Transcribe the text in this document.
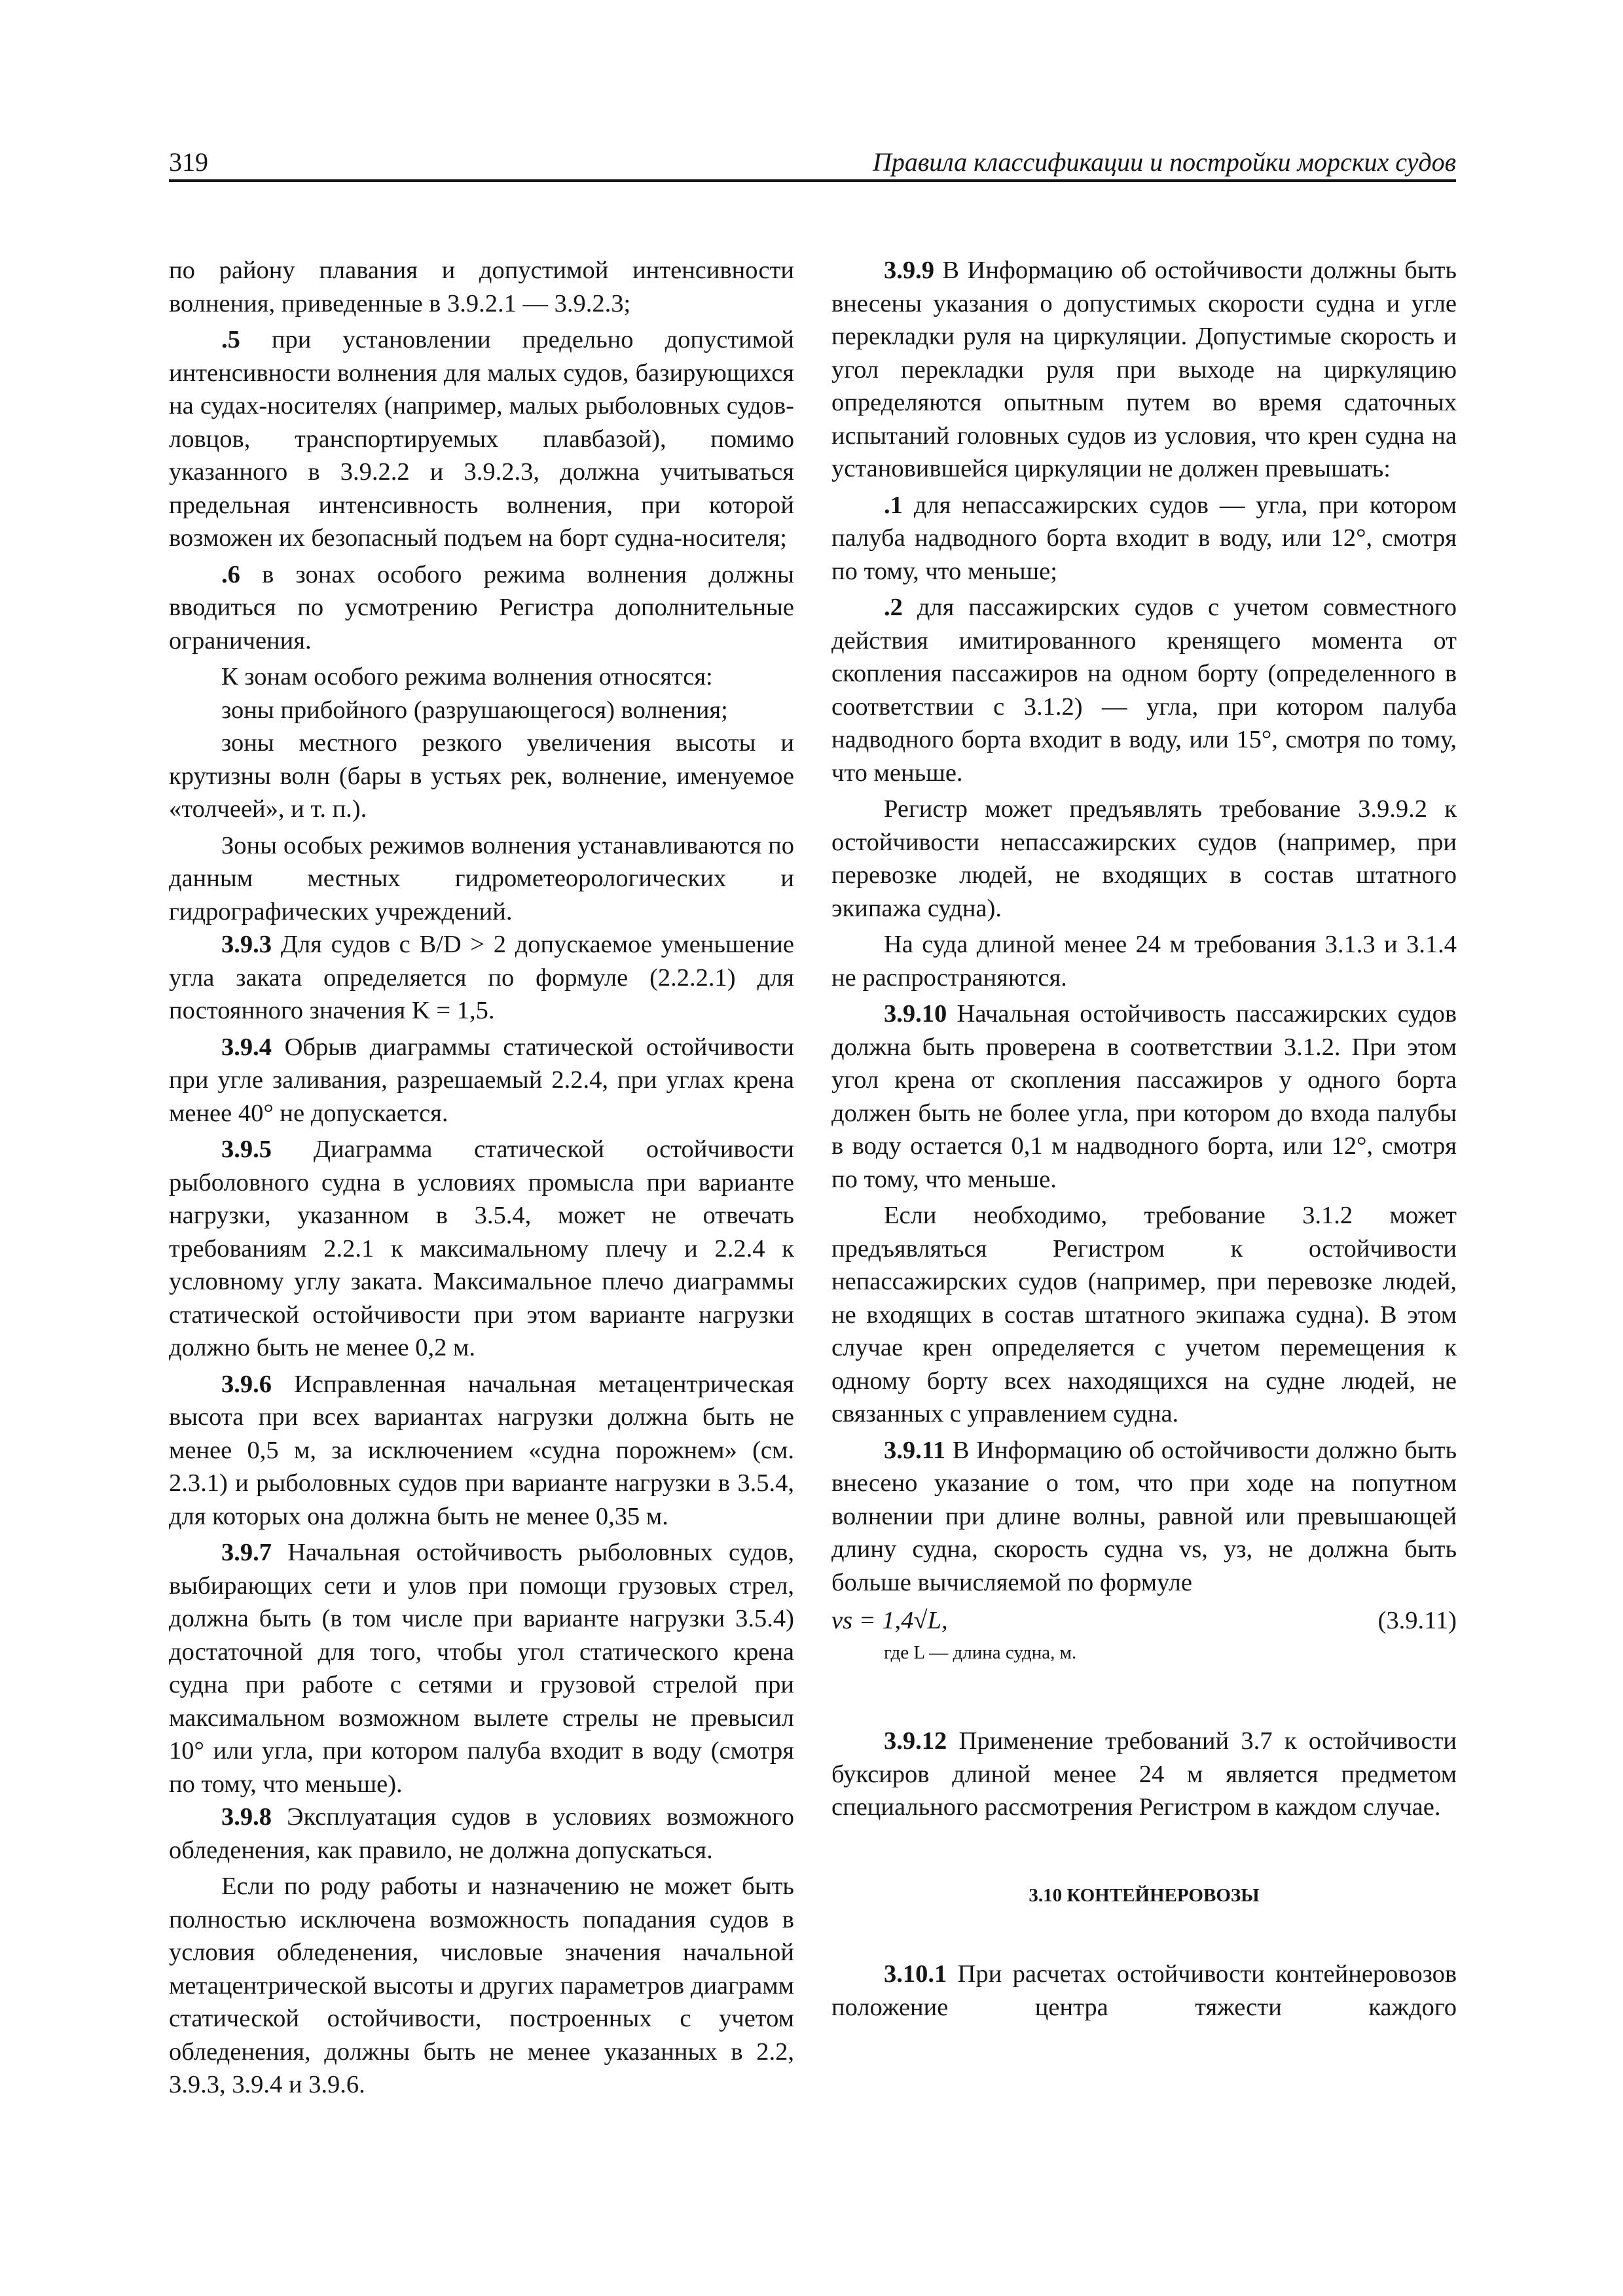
319	Правила классификации и постройки морских судов

по району плавания и допустимой интенсивности волнения, приведенные в 3.9.2.1 — 3.9.2.3;

.5 при установлении предельно допустимой интенсивности волнения для малых судов, базирующихся на судах-носителях (например, малых рыболовных судов-ловцов, транспортируемых плавбазой), помимо указанного в 3.9.2.2 и 3.9.2.3, должна учитываться предельная интенсивность волнения, при которой возможен их безопасный подъем на борт судна-носителя;

.6 в зонах особого режима волнения должны вводиться по усмотрению Регистра дополнительные ограничения.

К зонам особого режима волнения относятся:

зоны прибойного (разрушающегося) волнения;

зоны местного резкого увеличения высоты и крутизны волн (бары в устьях рек, волнение, именуемое «толчеей», и т. п.).

Зоны особых режимов волнения устанавливаются по данным местных гидрометеорологических и гидрографических учреждений.

3.9.3 Для судов с B/D > 2 допускаемое уменьшение угла заката определяется по формуле (2.2.2.1) для постоянного значения K = 1,5.

3.9.4 Обрыв диаграммы статической остойчивости при угле заливания, разрешаемый 2.2.4, при углах крена менее 40° не допускается.

3.9.5 Диаграмма статической остойчивости рыболовного судна в условиях промысла при варианте нагрузки, указанном в 3.5.4, может не отвечать требованиям 2.2.1 к максимальному плечу и 2.2.4 к условному углу заката. Максимальное плечо диаграммы статической остойчивости при этом варианте нагрузки должно быть не менее 0,2 м.

3.9.6 Исправленная начальная метацентрическая высота при всех вариантах нагрузки должна быть не менее 0,5 м, за исключением «судна порожнем» (см. 2.3.1) и рыболовных судов при варианте нагрузки в 3.5.4, для которых она должна быть не менее 0,35 м.

3.9.7 Начальная остойчивость рыболовных судов, выбирающих сети и улов при помощи грузовых стрел, должна быть (в том числе при варианте нагрузки 3.5.4) достаточной для того, чтобы угол статического крена судна при работе с сетями и грузовой стрелой при максимальном возможном вылете стрелы не превысил 10° или угла, при котором палуба входит в воду (смотря по тому, что меньше).

3.9.8 Эксплуатация судов в условиях возможного обледенения, как правило, не должна допускаться.

Если по роду работы и назначению не может быть полностью исключена возможность попадания судов в условия обледенения, числовые значения начальной метацентрической высоты и других параметров диаграмм статической остойчивости, построенных с учетом обледенения, должны быть не менее указанных в 2.2, 3.9.3, 3.9.4 и 3.9.6.

3.9.9 В Информацию об остойчивости должны быть внесены указания о допустимых скорости судна и угле перекладки руля на циркуляции. Допустимые скорость и угол перекладки руля при выходе на циркуляцию определяются опытным путем во время сдаточных испытаний головных судов из условия, что крен судна на установившейся циркуляции не должен превышать:

.1 для непассажирских судов — угла, при котором палуба надводного борта входит в воду, или 12°, смотря по тому, что меньше;

.2 для пассажирских судов с учетом совместного действия имитированного кренящего момента от скопления пассажиров на одном борту (определенного в соответствии с 3.1.2) — угла, при котором палуба надводного борта входит в воду, или 15°, смотря по тому, что меньше.

Регистр может предъявлять требование 3.9.9.2 к остойчивости непассажирских судов (например, при перевозке людей, не входящих в состав штатного экипажа судна).

На суда длиной менее 24 м требования 3.1.3 и 3.1.4 не распространяются.

3.9.10 Начальная остойчивость пассажирских судов должна быть проверена в соответствии 3.1.2. При этом угол крена от скопления пассажиров у одного борта должен быть не более угла, при котором до входа палубы в воду остается 0,1 м надводного борта, или 12°, смотря по тому, что меньше.

Если необходимо, требование 3.1.2 может предъявляться Регистром к остойчивости непассажирских судов (например, при перевозке людей, не входящих в состав штатного экипажа судна). В этом случае крен определяется с учетом перемещения к одному борту всех находящихся на судне людей, не связанных с управлением судна.

3.9.11 В Информацию об остойчивости должно быть внесено указание о том, что при ходе на попутном волнении при длине волны, равной или превышающей длину судна, скорость судна vs, уз, не должна быть больше вычисляемой по формуле

vs = 1,4√L,	(3.9.11)

где L — длина судна, м.

3.9.12 Применение требований 3.7 к остойчивости буксиров длиной менее 24 м является предметом специального рассмотрения Регистром в каждом случае.

3.10 КОНТЕЙНЕРОВОЗЫ

3.10.1 При расчетах остойчивости контейнеровозов положение центра тяжести каждого
